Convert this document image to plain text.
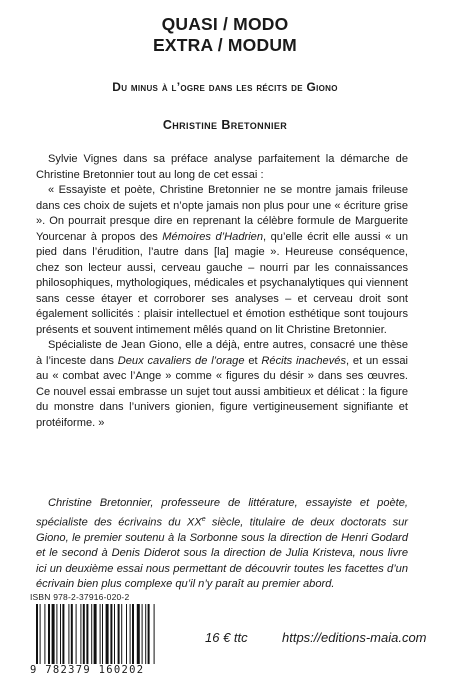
QUASI / MODO
EXTRA / MODUM
Du minus à l’ogre dans les récits de Giono
Christine Bretonnier

Sylvie Vignes dans sa préface analyse parfaitement la démarche de Christine Bretonnier tout au long de cet essai :

« Essayiste et poète, Christine Bretonnier ne se montre jamais frileuse dans ces choix de sujets et n’opte jamais non plus pour une « écriture grise ». On pourrait presque dire en reprenant la célèbre formule de Marguerite Yourcenar à propos des Mémoires d’Hadrien, qu’elle écrit elle aussi « un pied dans l’érudition, l’autre dans [la] magie ». Heureuse conséquence, chez son lecteur aussi, cerveau gauche – nourri par les connaissances philosophiques, mythologiques, médicales et psychanalytiques qui viennent sans cesse étayer et corroborer ses analyses – et cerveau droit sont également sollicités : plaisir intellectuel et émotion esthétique sont toujours présents et souvent intimement mêlés quand on lit Christine Bretonnier.

Spécialiste de Jean Giono, elle a déjà, entre autres, consacré une thèse à l’inceste dans Deux cavaliers de l’orage et Récits inachevés, et un essai au « combat avec l’Ange » comme « figures du désir » dans ses œuvres. Ce nouvel essai embrasse un sujet tout aussi ambitieux et délicat : la figure du monstre dans l’univers gionien, figure vertigineusement signifiante et protéiforme. »

Christine Bretonnier, professeure de littérature, essayiste et poète, spécialiste des écrivains du XXe siècle, titulaire de deux doctorats sur Giono, le premier soutenu à la Sorbonne sous la direction de Henri Godard et le second à Denis Diderot sous la direction de Julia Kristeva, nous livre ici un deuxième essai nous permettant de découvrir toutes les facettes d’un écrivain bien plus complexe qu’il n’y paraît au premier abord.

ISBN 978-2-37916-020-2
9 782379 160202
16 € ttc	https://editions-maia.com
